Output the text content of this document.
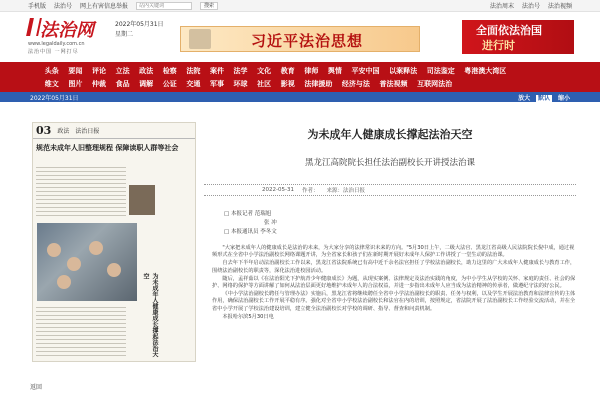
手机版 法治号 网上有害信息举报
站内关键词	搜索	法治周末 法治号 法治视频
法治网
www.legaldaily.com.cn
法治中国 一网打尽
2022年05月31日
星期二	习近平法治思想
全面依法治国
进行时
头条	要闻	评论	立法	政法	检察	法院	案件	法学	文化	教育	律师	舆情	平安中国	以案释法	司法鉴定	粤港澳大湾区
维文	图片	仲裁	食品	调解	公证	交通	军事	环球	社区	影视	法律援助	经济与法	普法视频	互联网法治
2022年05月31日	放大 默认 缩小
03 政法 法治日报
规范未成年人旧整理规程 保障读职人群等社会
为未成年人健康成长撑起法治天空
为未成年人健康成长撑起法治天空
黑龙江高院院长担任法治副校长开讲授法治课
2022-05-31 作者： 来源：法治日报
□ 本报记者 范瑞旭
张 冲
□ 本报通讯员 李冬文

"大家把未成年人的健康成长是法治的未来，为大家分享的法律常识未来的方向。"5月30日上午，二级大法官、黑龙江省高级人民法院院长倪中成，通过视频形式在全省中小学法治副校长网络课题开讲，为全省家长和孩子们在新时期开展好未成年人保护工作讲授了一堂生动的法治课。

自去年下半年启动法治副校长工作以来，黑龙江省法院系统已有高中近千余名法官担任了学校法治副校长，助力这里的广大未成年人健康成长与教育工作，围绕法治副校长的职责等，深化法治进校园活动。

随后，孟祥茹以《在法治阳光下护航青少年健康成长》为题，从现实案例、法律规定及法治实践的角度，为中小学生从学校的关怀、家庭的责任、社会的保护、网络的保护等方面讲解了如何从法治层面更好地维护未成年人的合法权益，并进一步指出未成年人应当成为法治精神的传承者，做遵纪守法的好公民。

《中小学法治副校长聘任与管理办法》实施后，黑龙江省将继续聘任全省中小学法治副校长的职责、任务与权利，以及学生开展法治教育和法律宣传的主体作用，确保法治副校长工作开展平稳有序。强化对全省中小学校法治副校长和法官在内的培训，按照规定，省法院开展了法治副校长工作经验交流活动，并在全省中小学开展了学校法治建设培训，建立健全法治副校长对学校的调研、指导、督查和问责机制。

本报哈尔滨5月30日电

返回
